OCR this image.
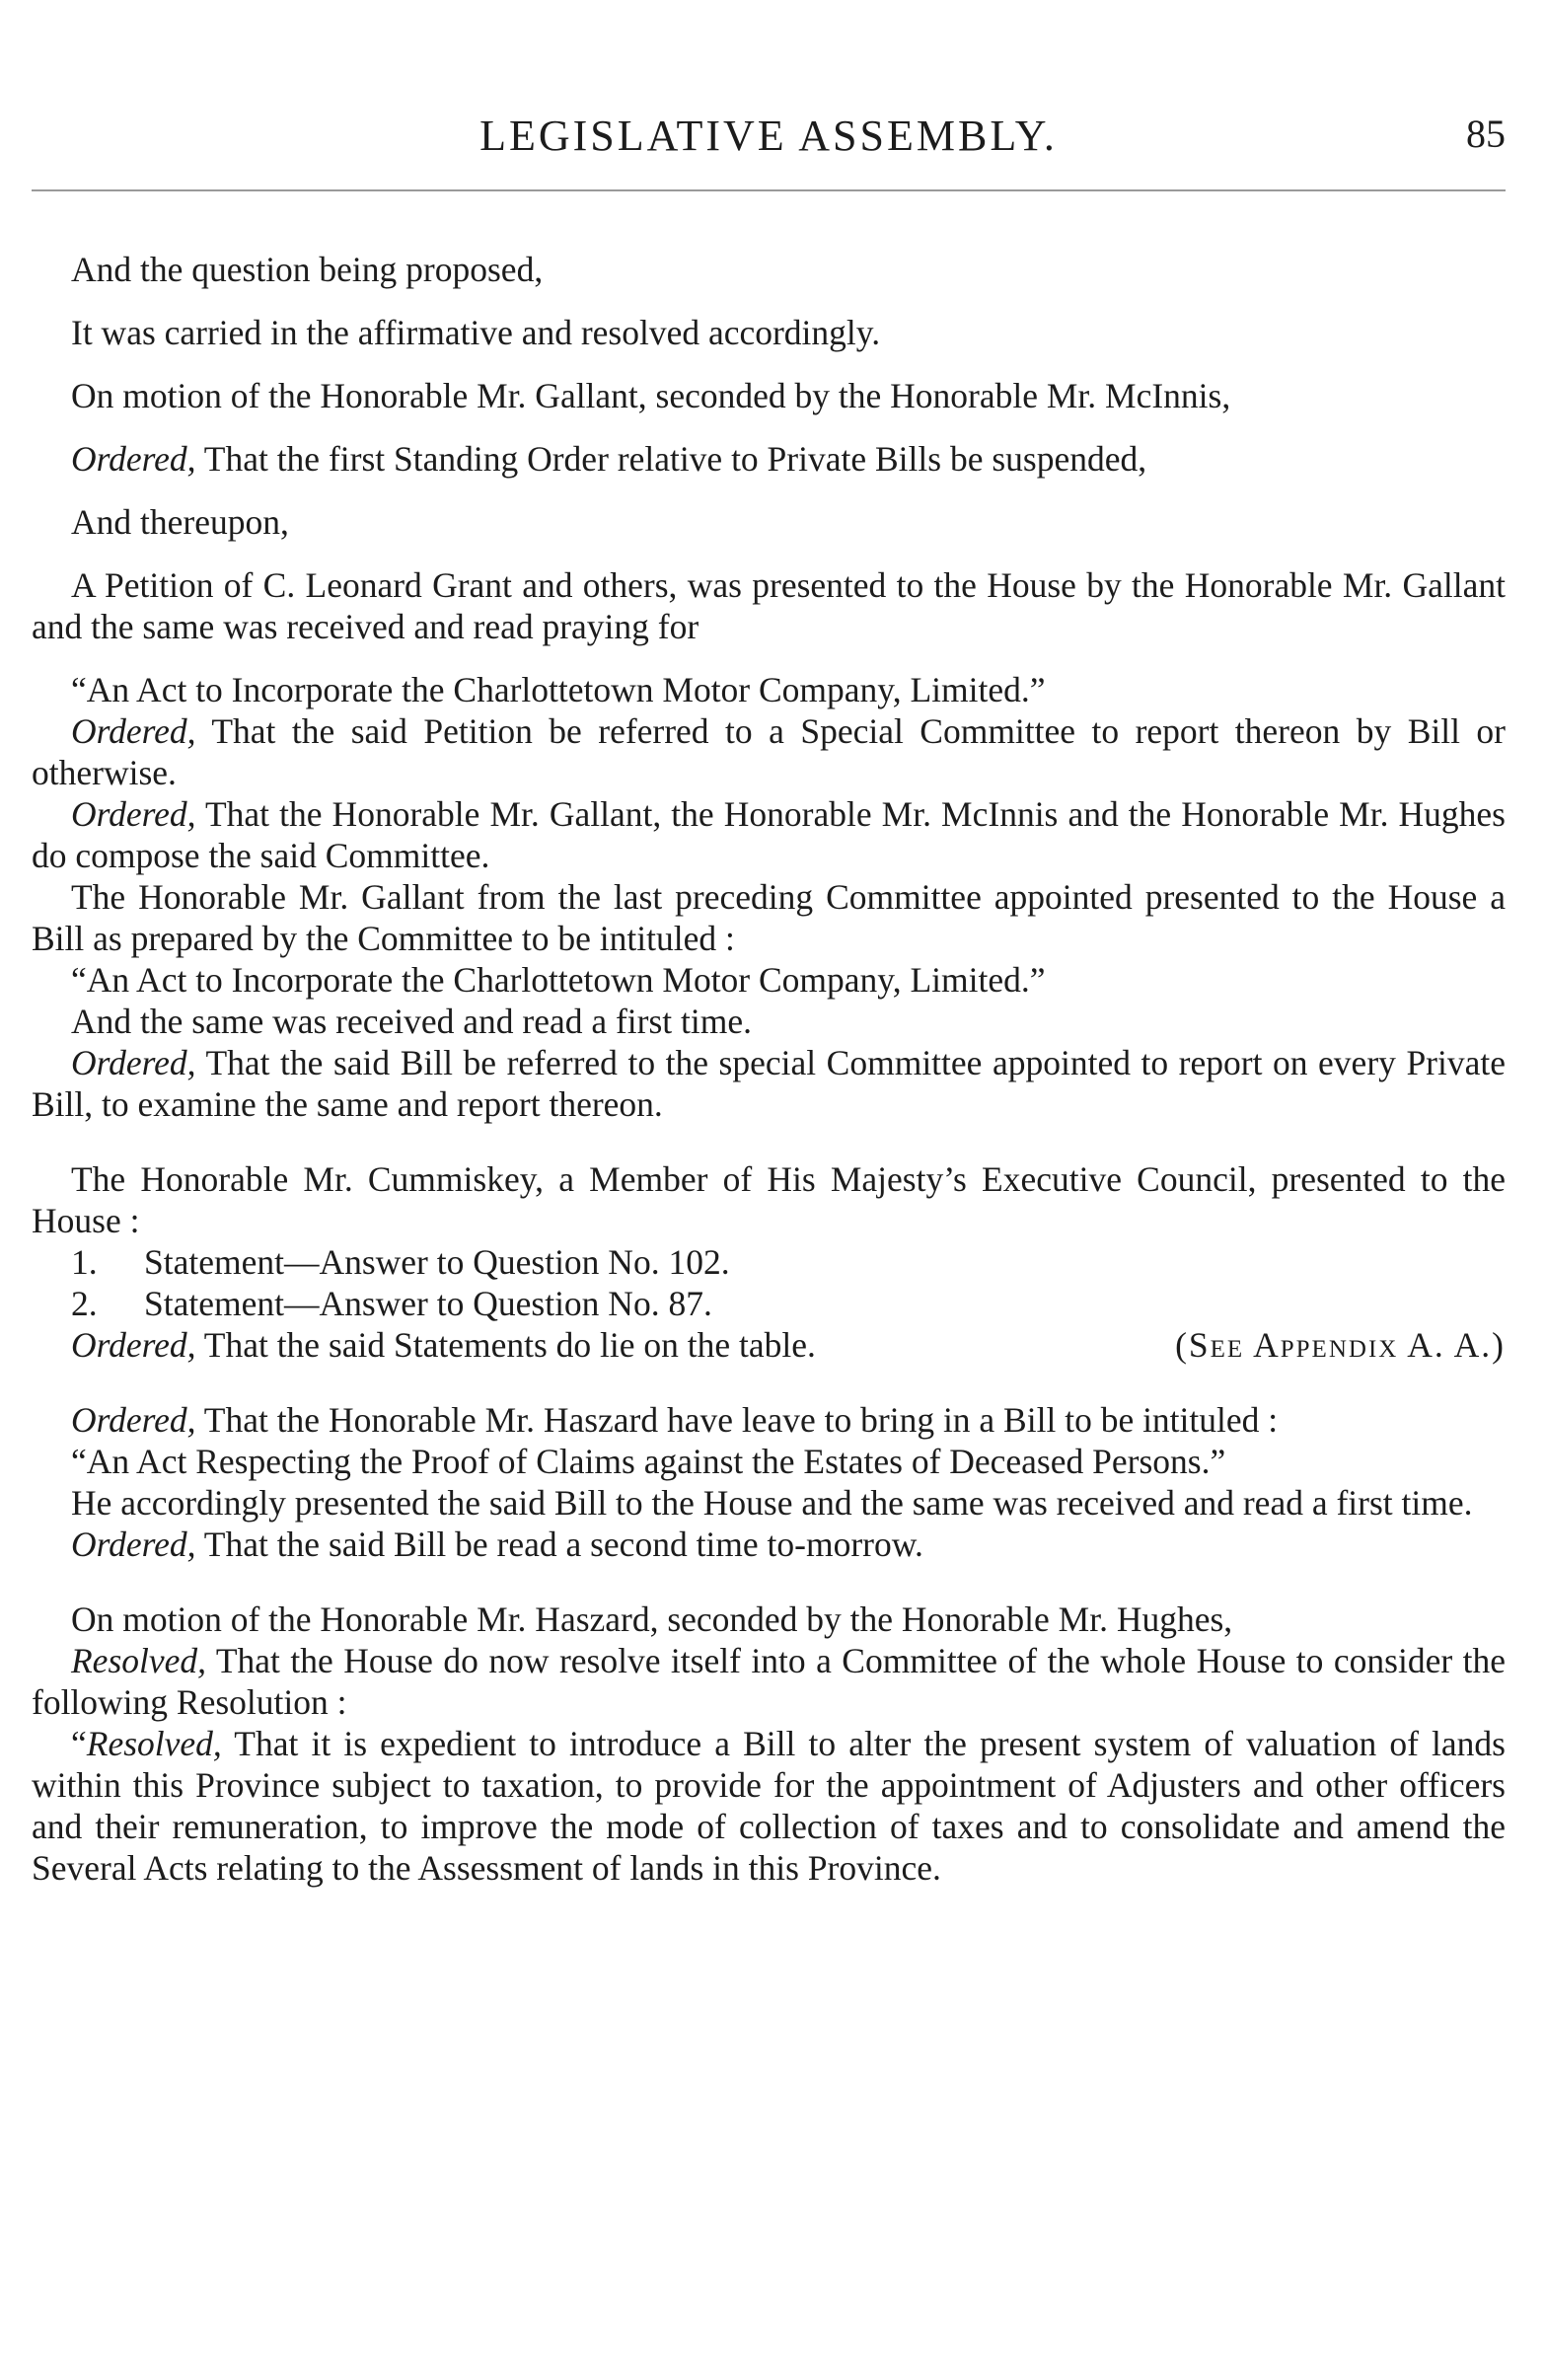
LEGISLATIVE ASSEMBLY.	85

And the question being proposed,

It was carried in the affirmative and resolved accordingly.

On motion of the Honorable Mr. Gallant, seconded by the Honorable Mr. McInnis,

Ordered, That the first Standing Order relative to Private Bills be suspended,

And thereupon,

A Petition of C. Leonard Grant and others, was presented to the House by the Honorable Mr. Gallant and the same was received and read praying for

“An Act to Incorporate the Charlottetown Motor Company, Limited.”

Ordered, That the said Petition be referred to a Special Committee to report thereon by Bill or otherwise.

Ordered, That the Honorable Mr. Gallant, the Honorable Mr. McInnis and the Honorable Mr. Hughes do compose the said Committee.

The Honorable Mr. Gallant from the last preceding Committee appointed presented to the House a Bill as prepared by the Committee to be intituled :

“An Act to Incorporate the Charlottetown Motor Company, Limited.”

And the same was received and read a first time.

Ordered, That the said Bill be referred to the special Committee appointed to report on every Private Bill, to examine the same and report thereon.

The Honorable Mr. Cummiskey, a Member of His Majesty’s Executive Council, presented to the House :

1.	Statement—Answer to Question No. 102.

2.	Statement—Answer to Question No. 87.

Ordered, That the said Statements do lie on the table.	(See Appendix A. A.)

Ordered, That the Honorable Mr. Haszard have leave to bring in a Bill to be intituled :

“An Act Respecting the Proof of Claims against the Estates of Deceased Persons.”

He accordingly presented the said Bill to the House and the same was received and read a first time.

Ordered, That the said Bill be read a second time to-morrow.

On motion of the Honorable Mr. Haszard, seconded by the Honorable Mr. Hughes,

Resolved, That the House do now resolve itself into a Committee of the whole House to consider the following Resolution :

“Resolved, That it is expedient to introduce a Bill to alter the present system of valuation of lands within this Province subject to taxation, to provide for the appointment of Adjusters and other officers and their remuneration, to improve the mode of collection of taxes and to consolidate and amend the Several Acts relating to the Assessment of lands in this Province.
